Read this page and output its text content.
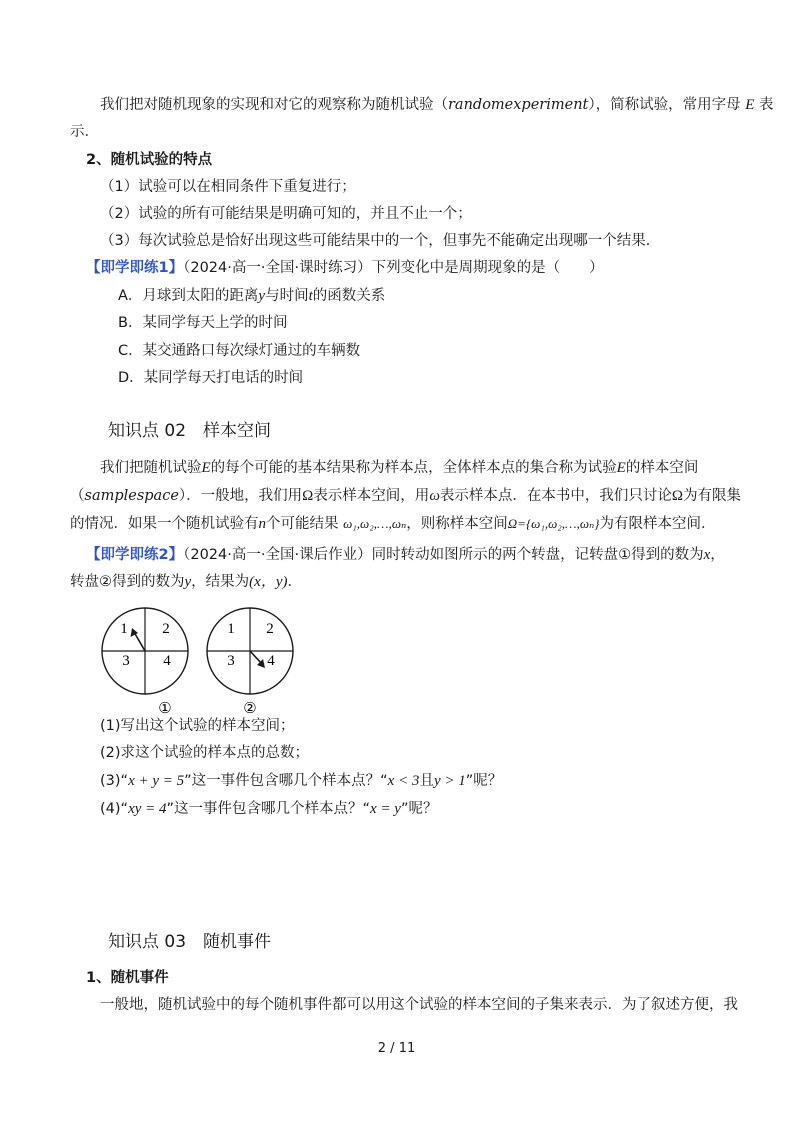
我们把对随机现象的实现和对它的观察称为随机试验（randomexperiment），简称试验，常用字母 E 表
示．
2、随机试验的特点
（1）试验可以在相同条件下重复进行；
（2）试验的所有可能结果是明确可知的，并且不止一个；
（3）每次试验总是恰好出现这些可能结果中的一个，但事先不能确定出现哪一个结果．
【即学即练1】（2024·高一·全国·课时练习）下列变化中是周期现象的是（　　）
A．月球到太阳的距离y与时间t的函数关系
B．某同学每天上学的时间
C．某交通路口每次绿灯通过的车辆数
D．某同学每天打电话的时间
知识点 02　样本空间
我们把随机试验E的每个可能的基本结果称为样本点，全体样本点的集合称为试验E的样本空间
（samplespace）．一般地，我们用Ω表示样本空间，用ω表示样本点．在本书中，我们只讨论Ω为有限集
的情况．如果一个随机试验有n个可能结果 ω₁,ω₂,…,ωₙ，则称样本空间Ω={ω₁,ω₂,…,ωₙ}为有限样本空间．
【即学即练2】（2024·高一·全国·课后作业）同时转动如图所示的两个转盘，记转盘①得到的数为x，
转盘②得到的数为y，结果为(x，y)．
1 2
3 4
1 2
3 4
①	②
(1)写出这个试验的样本空间；
(2)求这个试验的样本点的总数；
(3)“x + y = 5”这一事件包含哪几个样本点？“x < 3且y > 1”呢？
(4)“xy = 4”这一事件包含哪几个样本点？“x = y”呢？
知识点 03　随机事件
1、随机事件
一般地，随机试验中的每个随机事件都可以用这个试验的样本空间的子集来表示．为了叙述方便，我
2 / 11
